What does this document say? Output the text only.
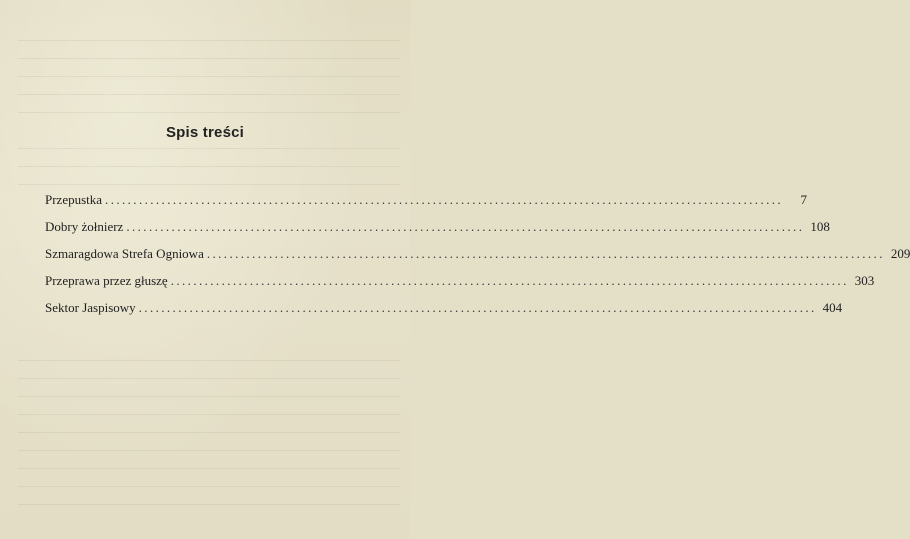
Spis treści
Przepustka ........................................................................................................................	7
Dobry żołnierz ........................................................................................................................ 108
Szmaragdowa Strefa Ogniowa ........................................................................................................................ 209
Przeprawa przez głuszę ........................................................................................................................ 303
Sektor Jaspisowy ........................................................................................................................ 404
